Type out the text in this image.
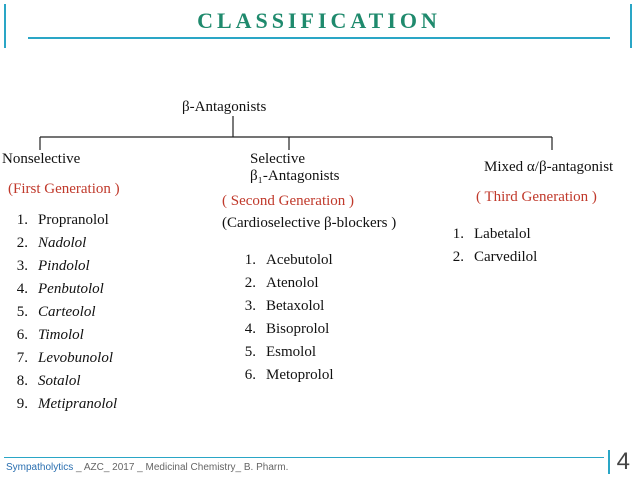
CLASSIFICATION
β-Antagonists
Nonselective
(First Generation )
1. Propranolol
2. Nadolol
3. Pindolol
4. Penbutolol
5. Carteolol
6. Timolol
7. Levobunolol
8. Sotalol
9. Metipranolol
Selective
β₁-Antagonists
( Second Generation )
(Cardioselective β-blockers )
1. Acebutolol
2. Atenolol
3. Betaxolol
4. Bisoprolol
5. Esmolol
6. Metoprolol
Mixed α/β-antagonist
( Third Generation )
1. Labetalol
2. Carvedilol
Sympatholytics _ AZC_ 2017 _ Medicinal Chemistry_ B. Pharm.	4
